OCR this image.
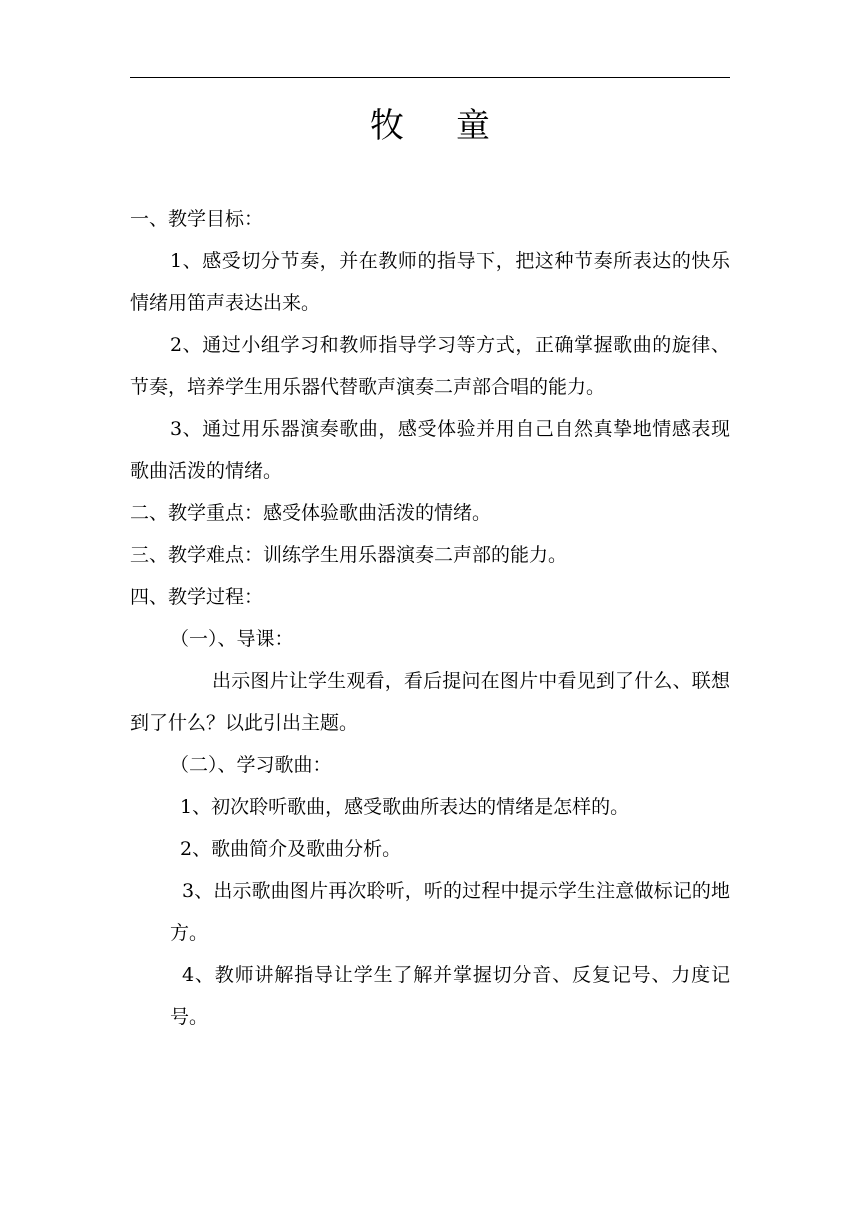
牧 童

一、教学目标：

1、感受切分节奏，并在教师的指导下，把这种节奏所表达的快乐情绪用笛声表达出来。

2、通过小组学习和教师指导学习等方式，正确掌握歌曲的旋律、节奏，培养学生用乐器代替歌声演奏二声部合唱的能力。

3、通过用乐器演奏歌曲，感受体验并用自己自然真挚地情感表现歌曲活泼的情绪。

二、教学重点：感受体验歌曲活泼的情绪。

三、教学难点：训练学生用乐器演奏二声部的能力。

四、教学过程：

（一）、导课：

出示图片让学生观看，看后提问在图片中看见到了什么、联想到了什么？以此引出主题。

（二）、学习歌曲：

1、初次聆听歌曲，感受歌曲所表达的情绪是怎样的。

2、歌曲简介及歌曲分析。

3、出示歌曲图片再次聆听，听的过程中提示学生注意做标记的地方。

4、教师讲解指导让学生了解并掌握切分音、反复记号、力度记号。
